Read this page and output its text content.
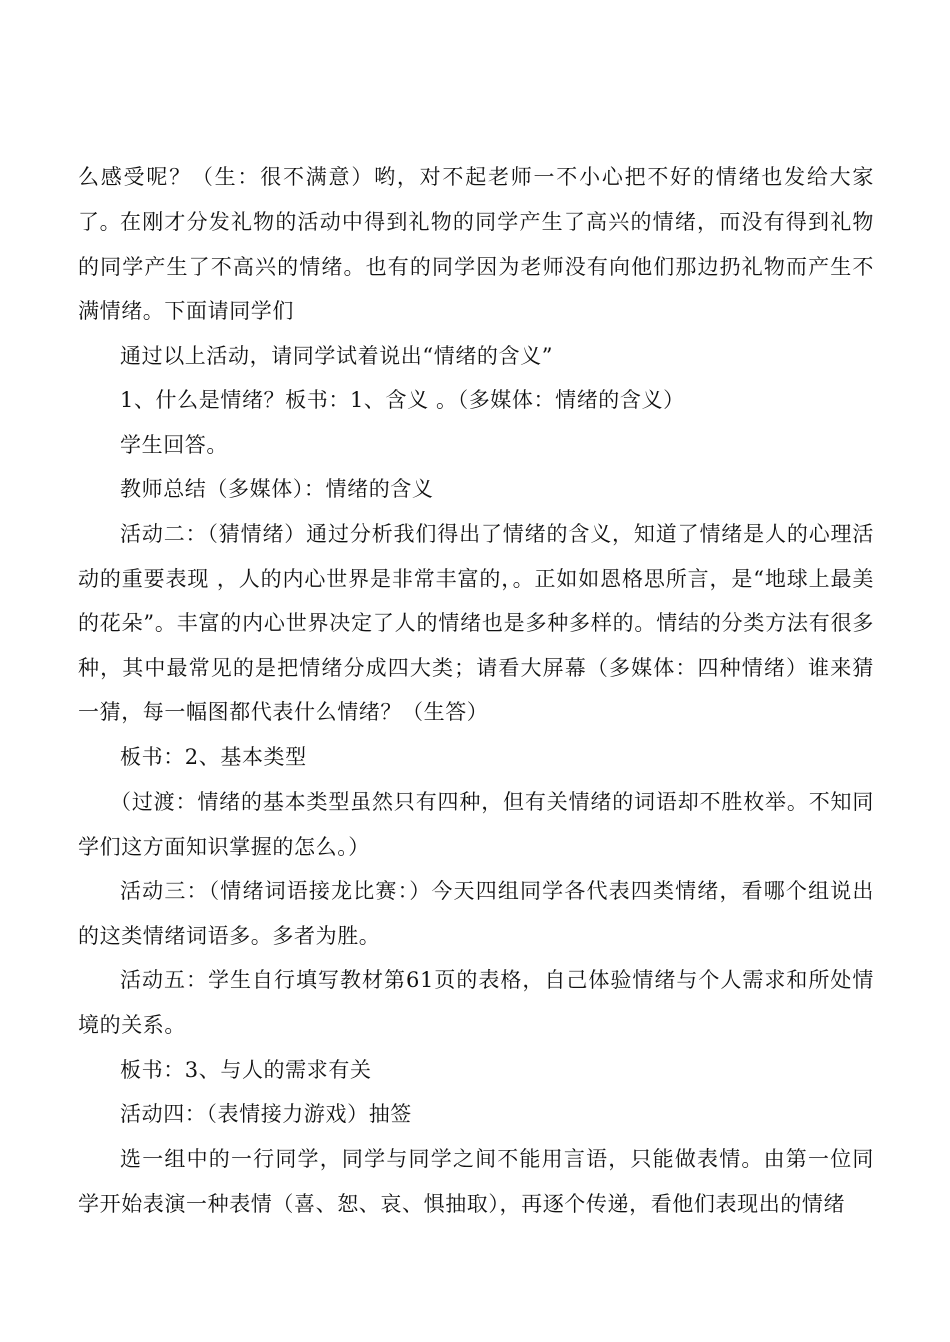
么感受呢？（生：很不满意）哟，对不起老师一不小心把不好的情绪也发给大家了。

在刚才分发礼物的活动中得到礼物的同学产生了高兴的情绪，而没有得到礼物的同学产生了不高兴的情绪。也有的同学因为老师没有向他们那边扔礼物而产生不满情绪。下面请同学们

通过以上活动，请同学试着说出“情绪的含义”

1、什么是情绪？板书：1、含义 。（多媒体：情绪的含义）

学生回答。

教师总结（多媒体）：情绪的含义

活动二：（猜情绪）通过分析我们得出了情绪的含义，知道了情绪是人的心理活动的重要表现 ，人的内心世界是非常丰富的，。正如如恩格思所言，是“地球上最美的花朵”。丰富的内心世界决定了人的情绪也是多种多样的。情结的分类方法有很多种，其中最常见的是把情绪分成四大类；请看大屏幕（多媒体：四种情绪）谁来猜一猜，每一幅图都代表什么情绪？（生答）

板书：2、基本类型

（过渡：情绪的基本类型虽然只有四种，但有关情绪的词语却不胜枚举。不知同学们这方面知识掌握的怎么。）

活动三：（情绪词语接龙比赛：）今天四组同学各代表四类情绪，看哪个组说出的这类情绪词语多。多者为胜。

活动五：学生自行填写教材第61页的表格，自己体验情绪与个人需求和所处情境的关系。

板书：3、与人的需求有关

活动四：（表情接力游戏）抽签

选一组中的一行同学，同学与同学之间不能用言语，只能做表情。由第一位同学开始表演一种表情（喜、恕、哀、惧抽取），再逐个传递，看他们表现出的情绪
